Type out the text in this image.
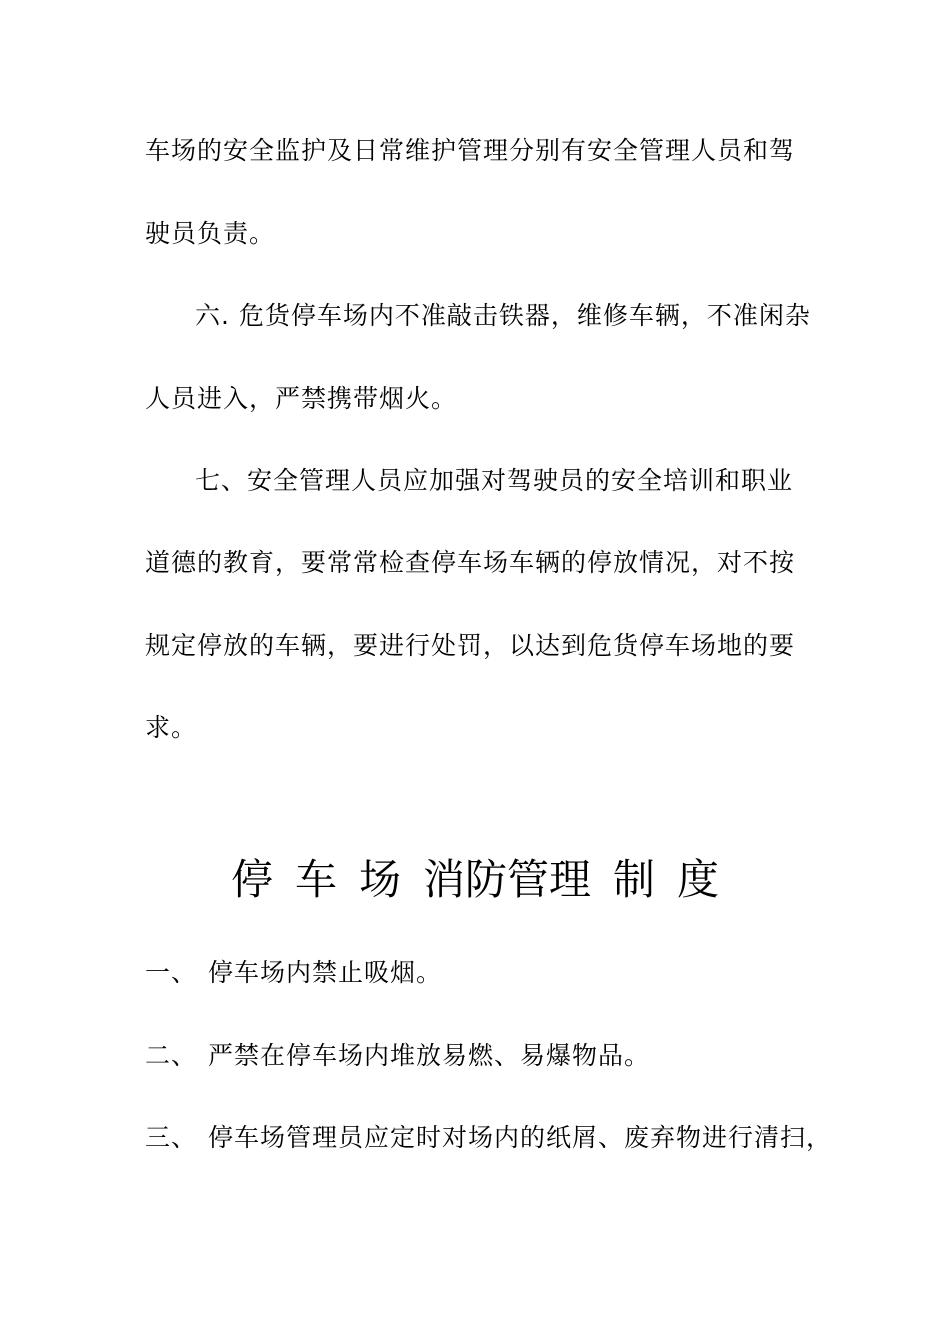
车场的安全监护及日常维护管理分别有安全管理人员和驾
驶员负责。
六. 危货停车场内不准敲击铁器，维修车辆，不准闲杂
人员进入，严禁携带烟火。
七、安全管理人员应加强对驾驶员的安全培训和职业
道德的教育，要常常检查停车场车辆的停放情况，对不按
规定停放的车辆，要进行处罚，以达到危货停车场地的要
求。
停 车 场 消防管理 制 度
一、 停车场内禁止吸烟。
二、 严禁在停车场内堆放易燃、易爆物品。
三、 停车场管理员应定时对场内的纸屑、废弃物进行清扫，
